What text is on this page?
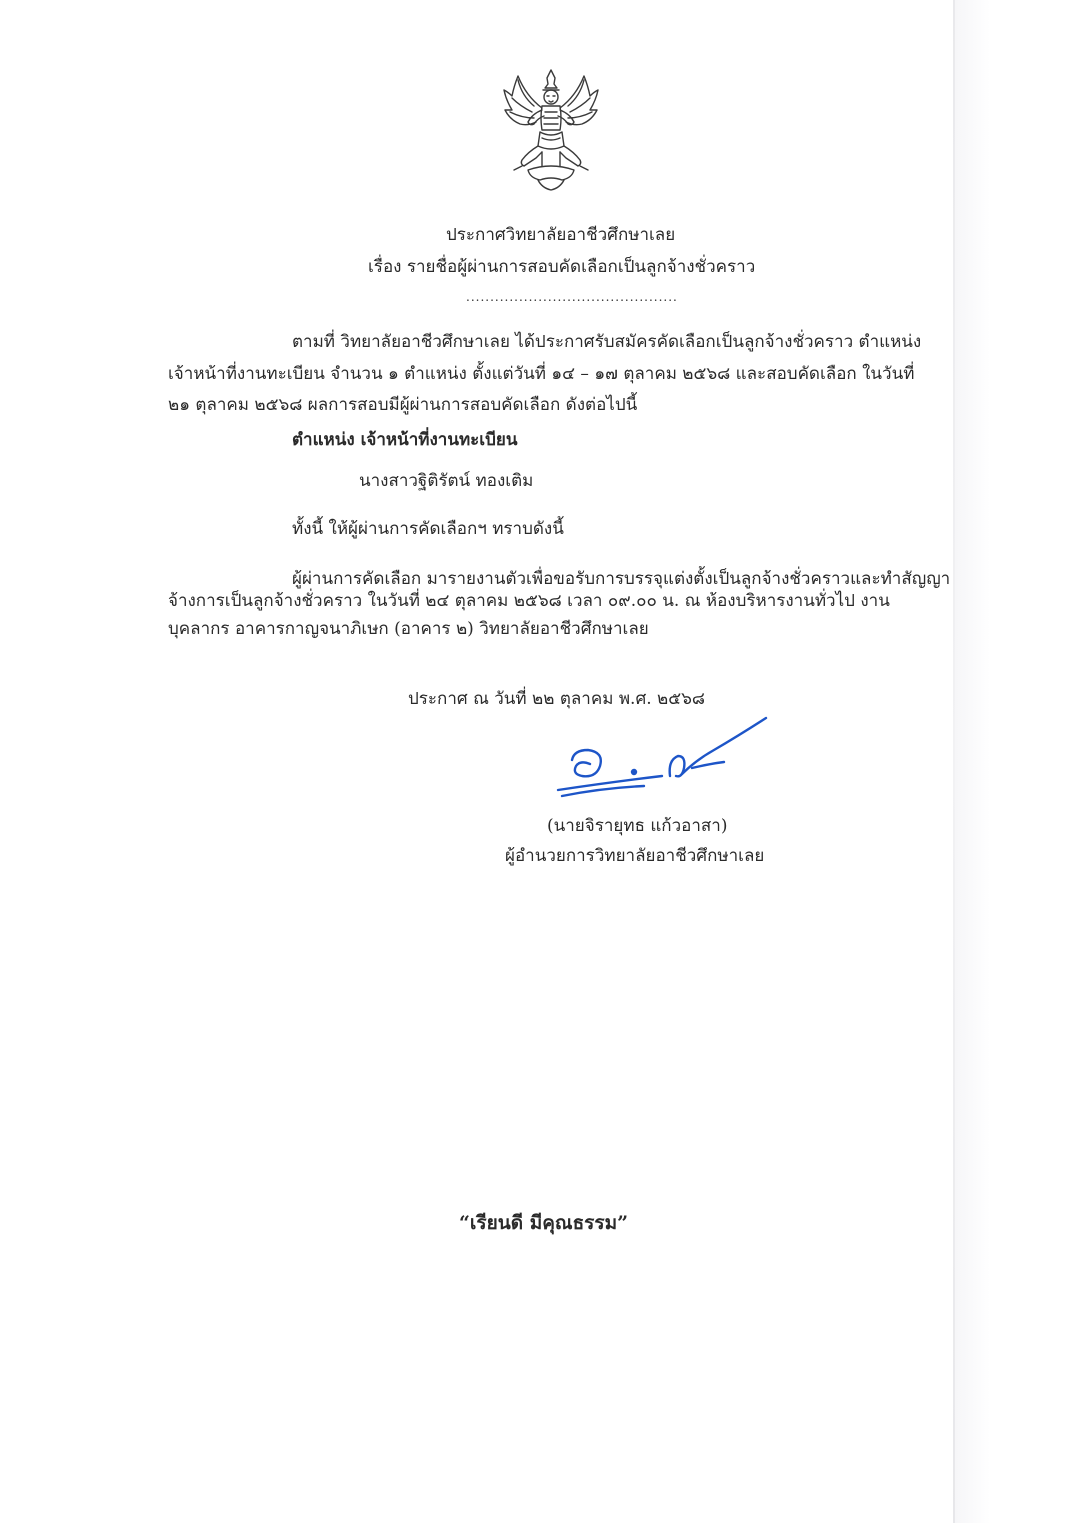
ประกาศวิทยาลัยอาชีวศึกษาเลย
เรื่อง รายชื่อผู้ผ่านการสอบคัดเลือกเป็นลูกจ้างชั่วคราว
............................................
ตามที่ วิทยาลัยอาชีวศึกษาเลย ได้ประกาศรับสมัครคัดเลือกเป็นลูกจ้างชั่วคราว ตำแหน่ง
เจ้าหน้าที่งานทะเบียน จำนวน ๑ ตำแหน่ง ตั้งแต่วันที่ ๑๔ – ๑๗ ตุลาคม ๒๕๖๘ และสอบคัดเลือก ในวันที่
๒๑ ตุลาคม ๒๕๖๘ ผลการสอบมีผู้ผ่านการสอบคัดเลือก ดังต่อไปนี้
ตำแหน่ง เจ้าหน้าที่งานทะเบียน
นางสาวฐิติรัตน์ ทองเติม
ทั้งนี้ ให้ผู้ผ่านการคัดเลือกฯ ทราบดังนี้
ผู้ผ่านการคัดเลือก มารายงานตัวเพื่อขอรับการบรรจุแต่งตั้งเป็นลูกจ้างชั่วคราวและทำสัญญา
จ้างการเป็นลูกจ้างชั่วคราว ในวันที่ ๒๔ ตุลาคม ๒๕๖๘ เวลา ๐๙.๐๐ น. ณ ห้องบริหารงานทั่วไป งาน
บุคลากร อาคารกาญจนาภิเษก (อาคาร ๒) วิทยาลัยอาชีวศึกษาเลย
ประกาศ ณ วันที่ ๒๒ ตุลาคม พ.ศ. ๒๕๖๘
(นายจิรายุทธ แก้วอาสา)
ผู้อำนวยการวิทยาลัยอาชีวศึกษาเลย
“เรียนดี มีคุณธรรม”
